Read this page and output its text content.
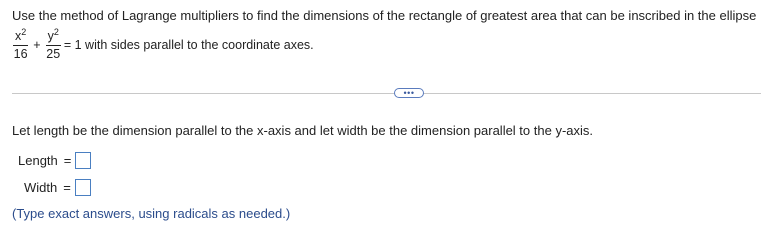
Use the method of Lagrange multipliers to find the dimensions of the rectangle of greatest area that can be inscribed in the ellipse
$\frac{x^2}{16} + \frac{y^2}{25} = 1$ with sides parallel to the coordinate axes.
•••
Let length be the dimension parallel to the x-axis and let width be the dimension parallel to the y-axis.
Length =
Width =
(Type exact answers, using radicals as needed.)
